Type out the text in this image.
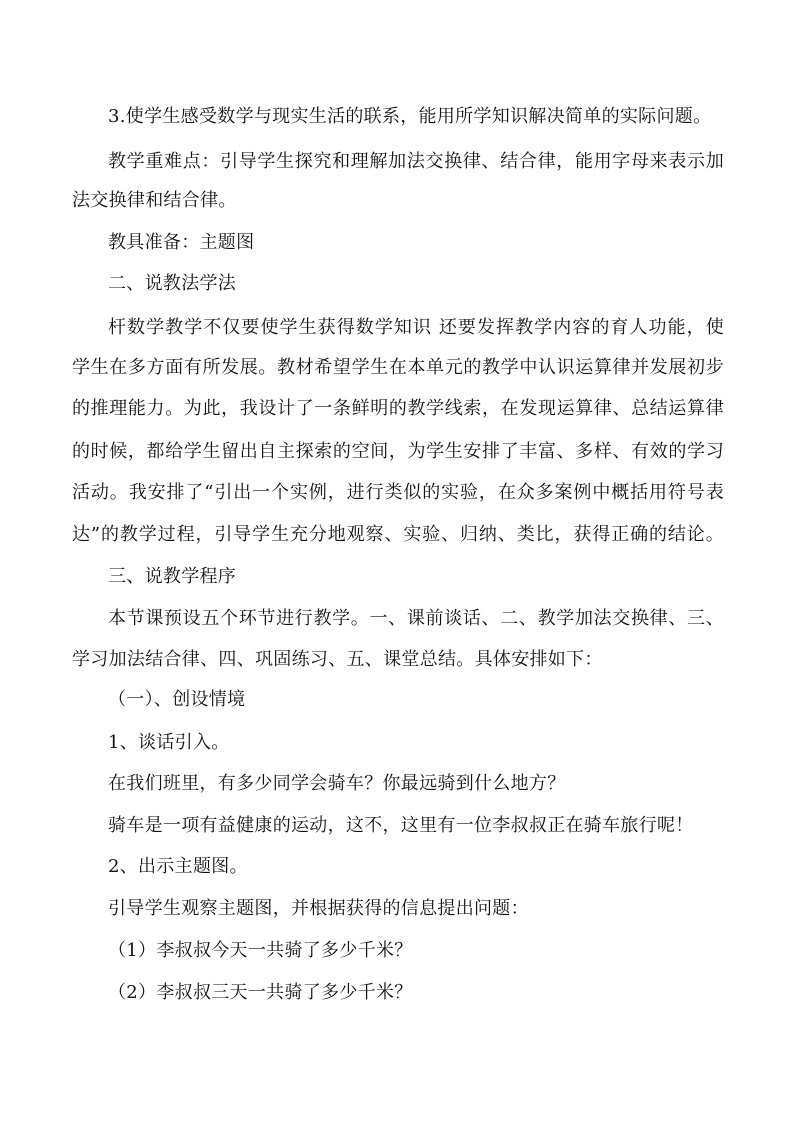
3.使学生感受数学与现实生活的联系，能用所学知识解决简单的实际问题。
教学重难点：引导学生探究和理解加法交换律、结合律，能用字母来表示加
法交换律和结合律。
教具准备：主题图
二、说教法学法
杆数学教学不仅要使学生获得数学知识 还要发挥教学内容的育人功能，使
学生在多方面有所发展。教材希望学生在本单元的教学中认识运算律并发展初步
的推理能力。为此，我设计了一条鲜明的教学线索，在发现运算律、总结运算律
的时候，都给学生留出自主探索的空间，为学生安排了丰富、多样、有效的学习
活动。我安排了“引出一个实例，进行类似的实验，在众多案例中概括用符号表
达”的教学过程，引导学生充分地观察、实验、归纳、类比，获得正确的结论。
三、说教学程序
本节课预设五个环节进行教学。一、课前谈话、二、教学加法交换律、三、
学习加法结合律、四、巩固练习、五、课堂总结。具体安排如下：
（一）、创设情境
1、谈话引入。
在我们班里，有多少同学会骑车？你最远骑到什么地方？
骑车是一项有益健康的运动，这不，这里有一位李叔叔正在骑车旅行呢！
2、出示主题图。
引导学生观察主题图，并根据获得的信息提出问题：
（1）李叔叔今天一共骑了多少千米？
（2）李叔叔三天一共骑了多少千米？
